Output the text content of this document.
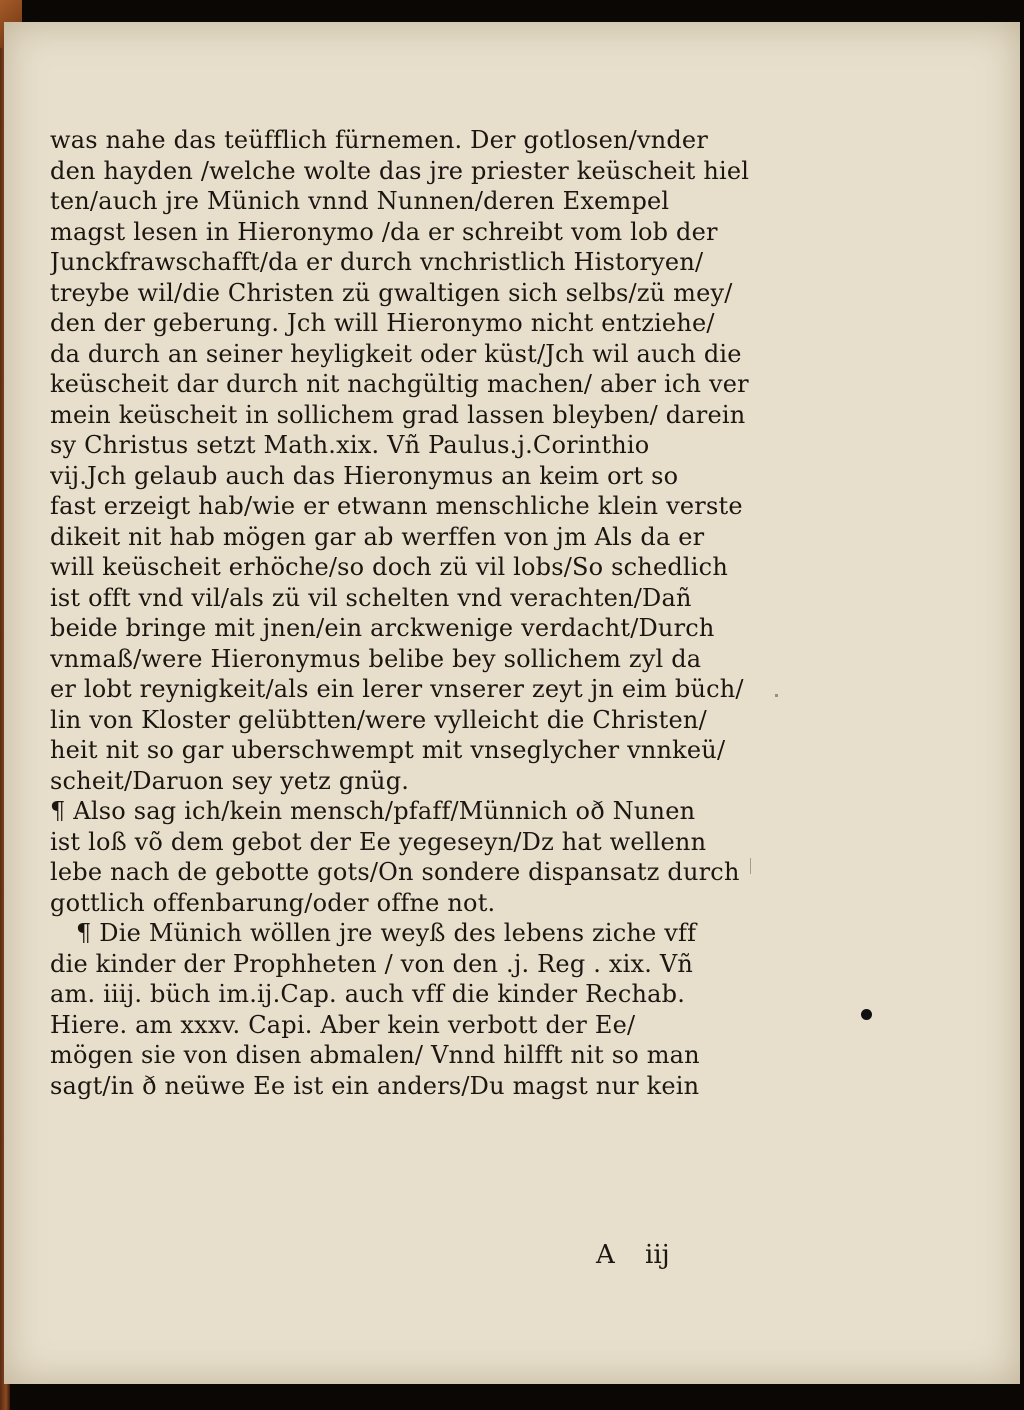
was nahe das teüfflich fürnemen. Der gotlosen/vnder
den hayden /welche wolte das jre priester keüscheit hiel
ten/auch jre Münich vnnd Nunnen/deren Exempel
magst lesen in Hieronymo /da er schreibt vom lob der
Junckfrawschafft/da er durch vnchristlich Historyen/
treybe wil/die Christen zü gwaltigen sich selbs/zü mey/
den der geberung. Jch will Hieronymo nicht entziehe/
da durch an seiner heyligkeit oder küst/Jch wil auch die
keüscheit dar durch nit nachgültig machen/ aber ich ver
mein keüscheit in sollichem grad lassen bleyben/ darein
sy Christus setzt Math.xix. Vñ Paulus.j.Corinthio
vij.Jch gelaub auch das Hieronymus an keim ort so
fast erzeigt hab/wie er etwann menschliche klein verste
dikeit nit hab mögen gar ab werffen von jm Als da er
will keüscheit erhöche/so doch zü vil lobs/So schedlich
ist offt vnd vil/als zü vil schelten vnd verachten/Dañ
beide bringe mit jnen/ein arckwenige verdacht/Durch
vnmaß/were Hieronymus belibe bey sollichem zyl da
er lobt reynigkeit/als ein lerer vnserer zeyt jn eim büch/
lin von Kloster gelübtten/were vylleicht die Christen/
heit nit so gar uberschwempt mit vnseglycher vnnkeü/
scheit/Daruon sey yetz gnüg.
¶ Also sag ich/kein mensch/pfaff/Münnich oð Nunen
ist loß võ dem gebot der Ee yegeseyn/Dz hat wellenn
lebe nach de gebotte gots/On sondere dispansatz durch
gottlich offenbarung/oder offne not.
¶ Die Münich wöllen jre weyß des lebens ziche vff
die kinder der Prophheten / von den .j. Reg . xix. Vñ
am. iiij. büch im.ij.Cap. auch vff die kinder Rechab.
Hiere. am xxxv. Capi. Aber kein verbott der Ee/
mögen sie von disen abmalen/ Vnnd hilfft nit so man
sagt/in ð neüwe Ee ist ein anders/Du magst nur kein
A iij
